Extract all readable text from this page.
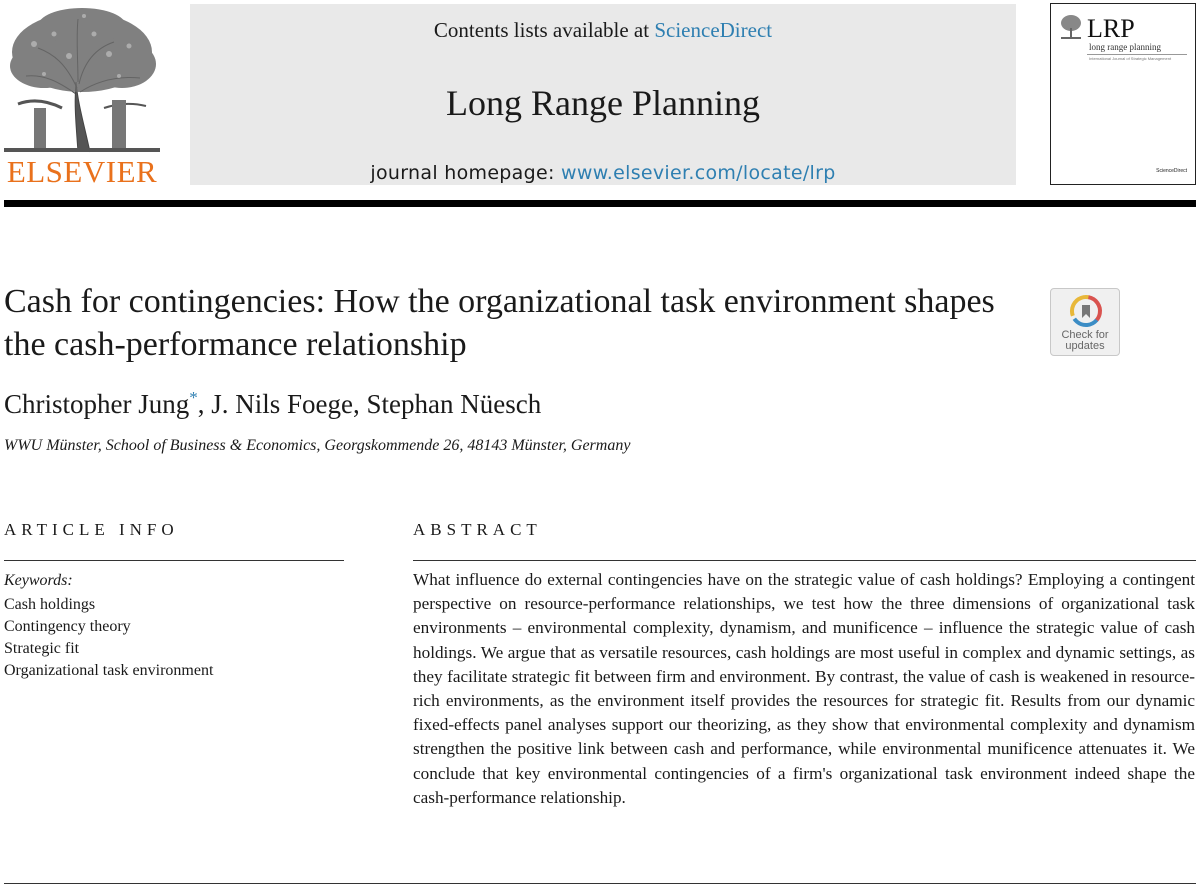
ELSEVIER
Contents lists available at ScienceDirect
Long Range Planning
journal homepage: www.elsevier.com/locate/lrp
LRP
long range planning
International Journal of Strategic Management
ScienceDirect
Cash for contingencies: How the organizational task environment shapes the cash-performance relationship	Check for
updates
Christopher Jung*, J. Nils Foege, Stephan Nüesch
WWU Münster, School of Business & Economics, Georgskommende 26, 48143 Münster, Germany
ARTICLE INFO
Keywords:
Cash holdings
Contingency theory
Strategic fit
Organizational task environment
ABSTRACT

What influence do external contingencies have on the strategic value of cash holdings? Employing a contingent perspective on resource-performance relationships, we test how the three dimensions of organizational task environments – environmental complexity, dynamism, and munificence – influence the strategic value of cash holdings. We argue that as versatile resources, cash holdings are most useful in complex and dynamic settings, as they facilitate strategic fit between firm and environment. By contrast, the value of cash is weakened in resource-rich environments, as the environment itself provides the resources for strategic fit. Results from our dynamic fixed-effects panel analyses support our theorizing, as they show that environmental complexity and dynamism strengthen the positive link between cash and performance, while environmental munificence attenuates it. We conclude that key environmental contingencies of a firm's organizational task environment indeed shape the cash-performance relationship.
